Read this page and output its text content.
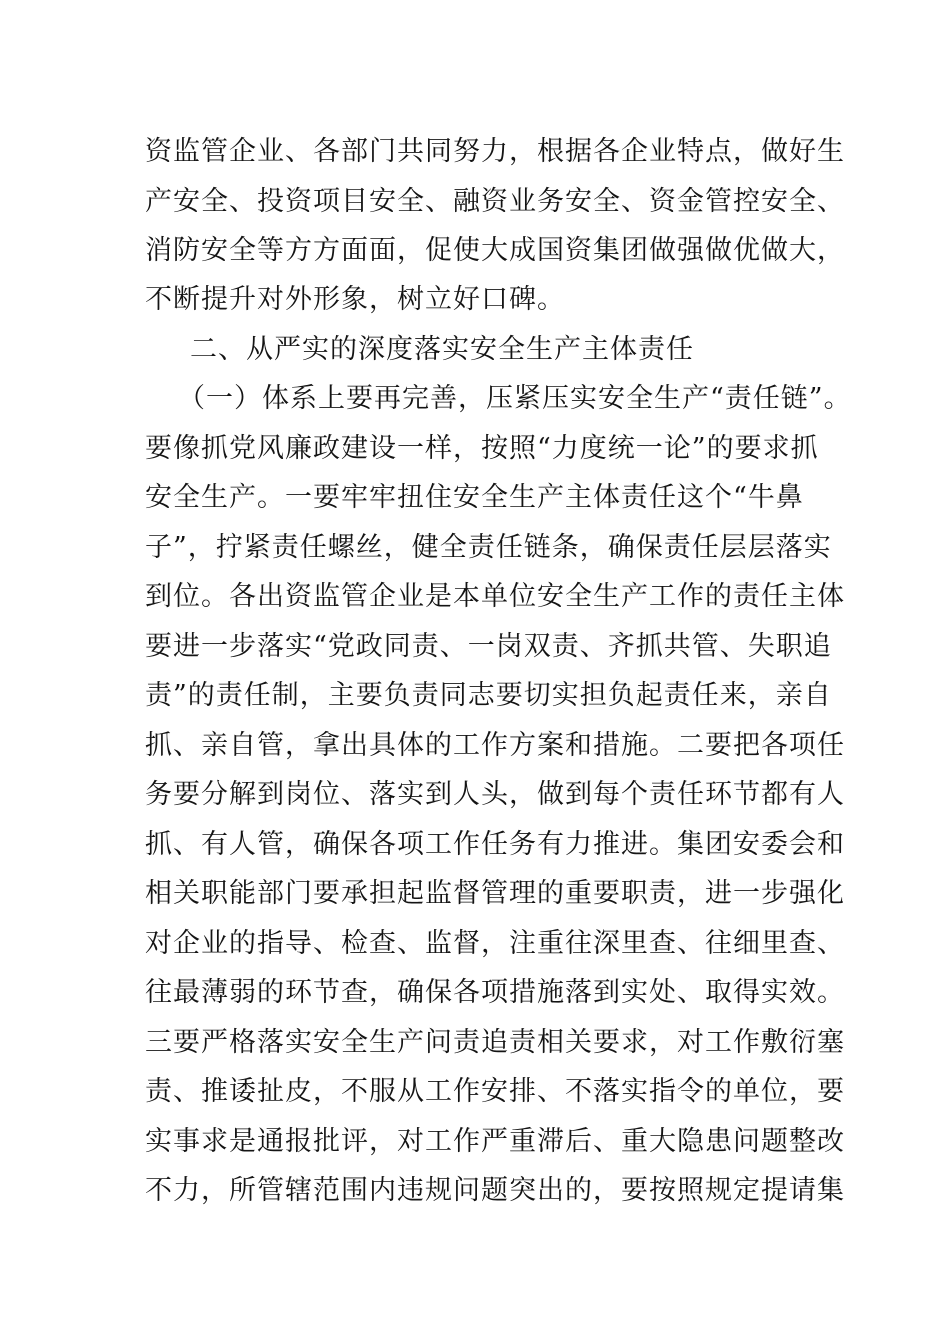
资监管企业、各部门共同努力，根据各企业特点，做好生
产安全、投资项目安全、融资业务安全、资金管控安全、
消防安全等方方面面，促使大成国资集团做强做优做大，
不断提升对外形象，树立好口碑。
二、从严实的深度落实安全生产主体责任
（一）体系上要再完善，压紧压实安全生产“责任链”。
要像抓党风廉政建设一样，按照“力度统一论”的要求抓
安全生产。一要牢牢扭住安全生产主体责任这个“牛鼻
子”，拧紧责任螺丝，健全责任链条，确保责任层层落实
到位。各出资监管企业是本单位安全生产工作的责任主体
要进一步落实“党政同责、一岗双责、齐抓共管、失职追
责”的责任制，主要负责同志要切实担负起责任来，亲自
抓、亲自管，拿出具体的工作方案和措施。二要把各项任
务要分解到岗位、落实到人头，做到每个责任环节都有人
抓、有人管，确保各项工作任务有力推进。集团安委会和
相关职能部门要承担起监督管理的重要职责，进一步强化
对企业的指导、检查、监督，注重往深里查、往细里查、
往最薄弱的环节查，确保各项措施落到实处、取得实效。
三要严格落实安全生产问责追责相关要求，对工作敷衍塞
责、推诿扯皮，不服从工作安排、不落实指令的单位，要
实事求是通报批评，对工作严重滞后、重大隐患问题整改
不力，所管辖范围内违规问题突出的，要按照规定提请集
